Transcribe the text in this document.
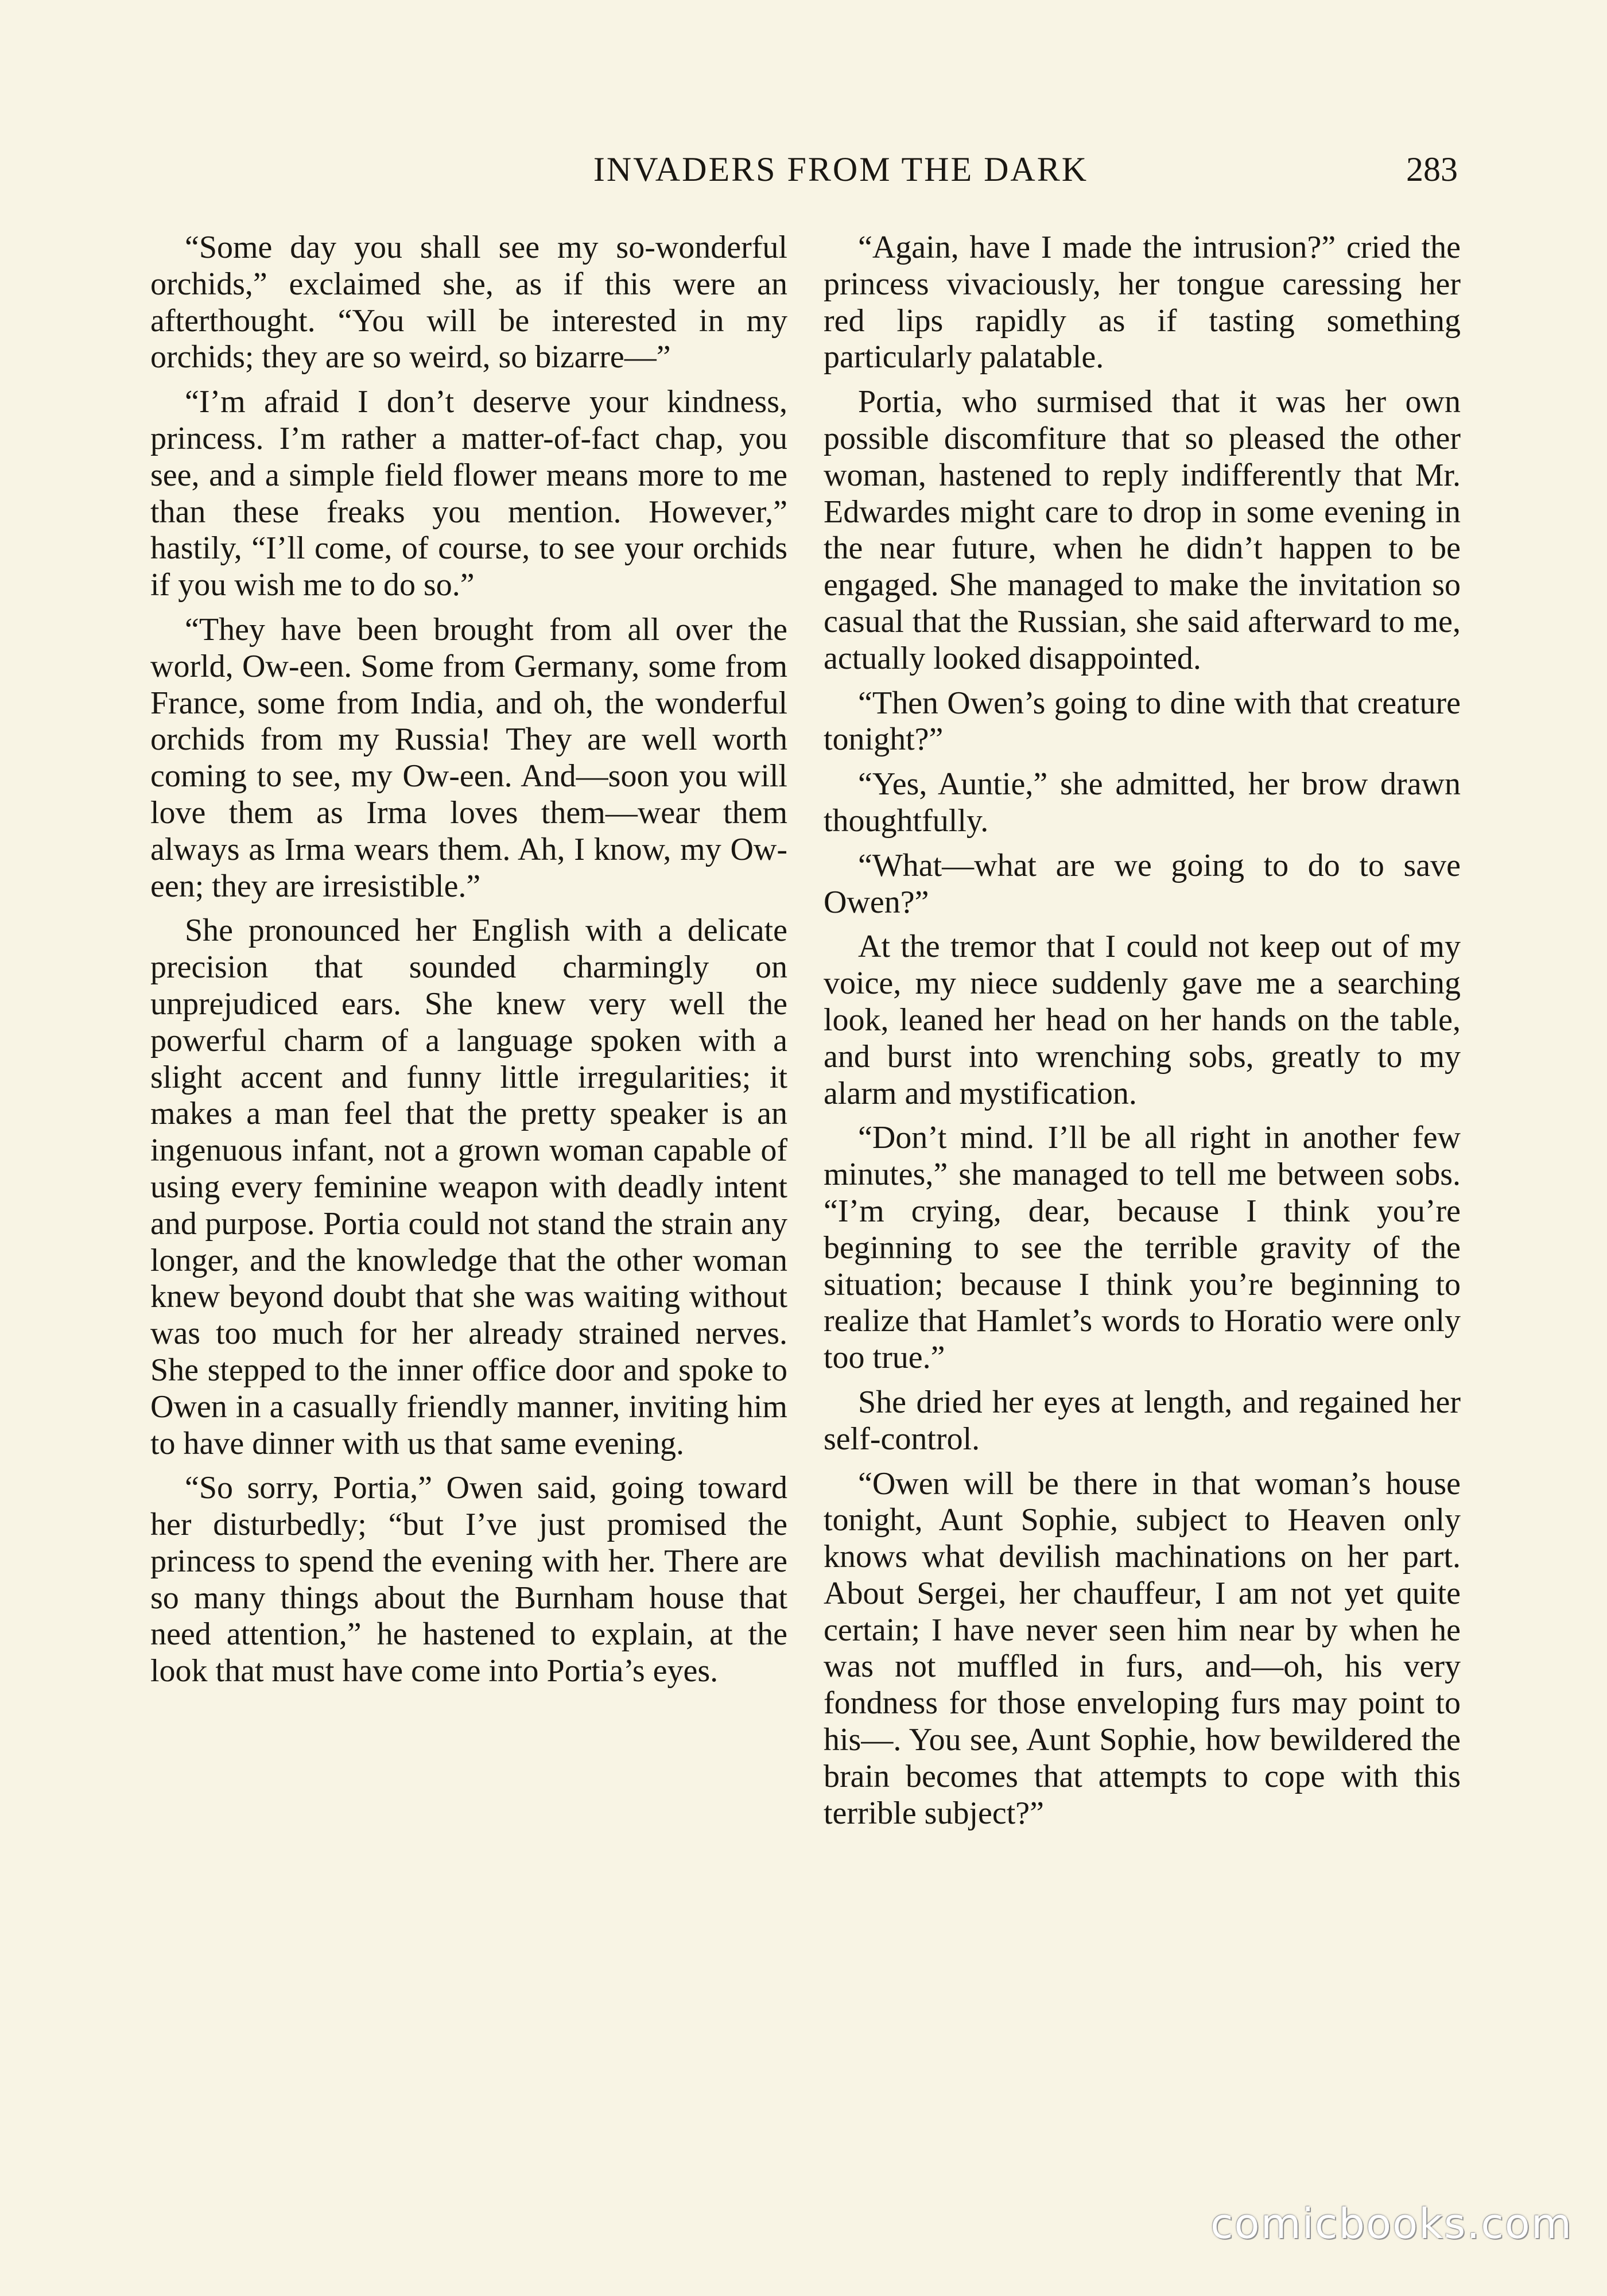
INVADERS FROM THE DARK	283

“Some day you shall see my so-wonderful orchids,” exclaimed she, as if this were an afterthought. “You will be interested in my orchids; they are so weird, so bizarre—”

“I’m afraid I don’t deserve your kindness, princess. I’m rather a matter-of-fact chap, you see, and a simple field flower means more to me than these freaks you mention. However,” hastily, “I’ll come, of course, to see your orchids if you wish me to do so.”

“They have been brought from all over the world, Ow-een. Some from Germany, some from France, some from India, and oh, the wonderful orchids from my Russia! They are well worth coming to see, my Ow-een. And—soon you will love them as Irma loves them—wear them always as Irma wears them. Ah, I know, my Ow-een; they are irresistible.”

She pronounced her English with a delicate precision that sounded charmingly on unprejudiced ears. She knew very well the powerful charm of a language spoken with a slight accent and funny little irregularities; it makes a man feel that the pretty speaker is an ingenuous infant, not a grown woman capable of using every feminine weapon with deadly intent and purpose. Portia could not stand the strain any longer, and the knowledge that the other woman knew beyond doubt that she was waiting without was too much for her already strained nerves. She stepped to the inner office door and spoke to Owen in a casually friendly manner, inviting him to have dinner with us that same evening.

“So sorry, Portia,” Owen said, going toward her disturbedly; “but I’ve just promised the princess to spend the evening with her. There are so many things about the Burnham house that need attention,” he hastened to explain, at the look that must have come into Portia’s eyes.

“Again, have I made the intrusion?” cried the princess vivaciously, her tongue caressing her red lips rapidly as if tasting something particularly palatable.

Portia, who surmised that it was her own possible discomfiture that so pleased the other woman, hastened to reply indifferently that Mr. Edwardes might care to drop in some evening in the near future, when he didn’t happen to be engaged. She managed to make the invitation so casual that the Russian, she said afterward to me, actually looked disappointed.

“Then Owen’s going to dine with that creature tonight?”

“Yes, Auntie,” she admitted, her brow drawn thoughtfully.

“What—what are we going to do to save Owen?”

At the tremor that I could not keep out of my voice, my niece suddenly gave me a searching look, leaned her head on her hands on the table, and burst into wrenching sobs, greatly to my alarm and mystification.

“Don’t mind. I’ll be all right in another few minutes,” she managed to tell me between sobs. “I’m crying, dear, because I think you’re beginning to see the terrible gravity of the situation; because I think you’re beginning to realize that Hamlet’s words to Horatio were only too true.”

She dried her eyes at length, and regained her self-control.

“Owen will be there in that woman’s house tonight, Aunt Sophie, subject to Heaven only knows what devilish machinations on her part. About Sergei, her chauffeur, I am not yet quite certain; I have never seen him near by when he was not muffled in furs, and—oh, his very fondness for those enveloping furs may point to his—. You see, Aunt Sophie, how bewildered the brain becomes that attempts to cope with this terrible subject?”

comicbooks.com
